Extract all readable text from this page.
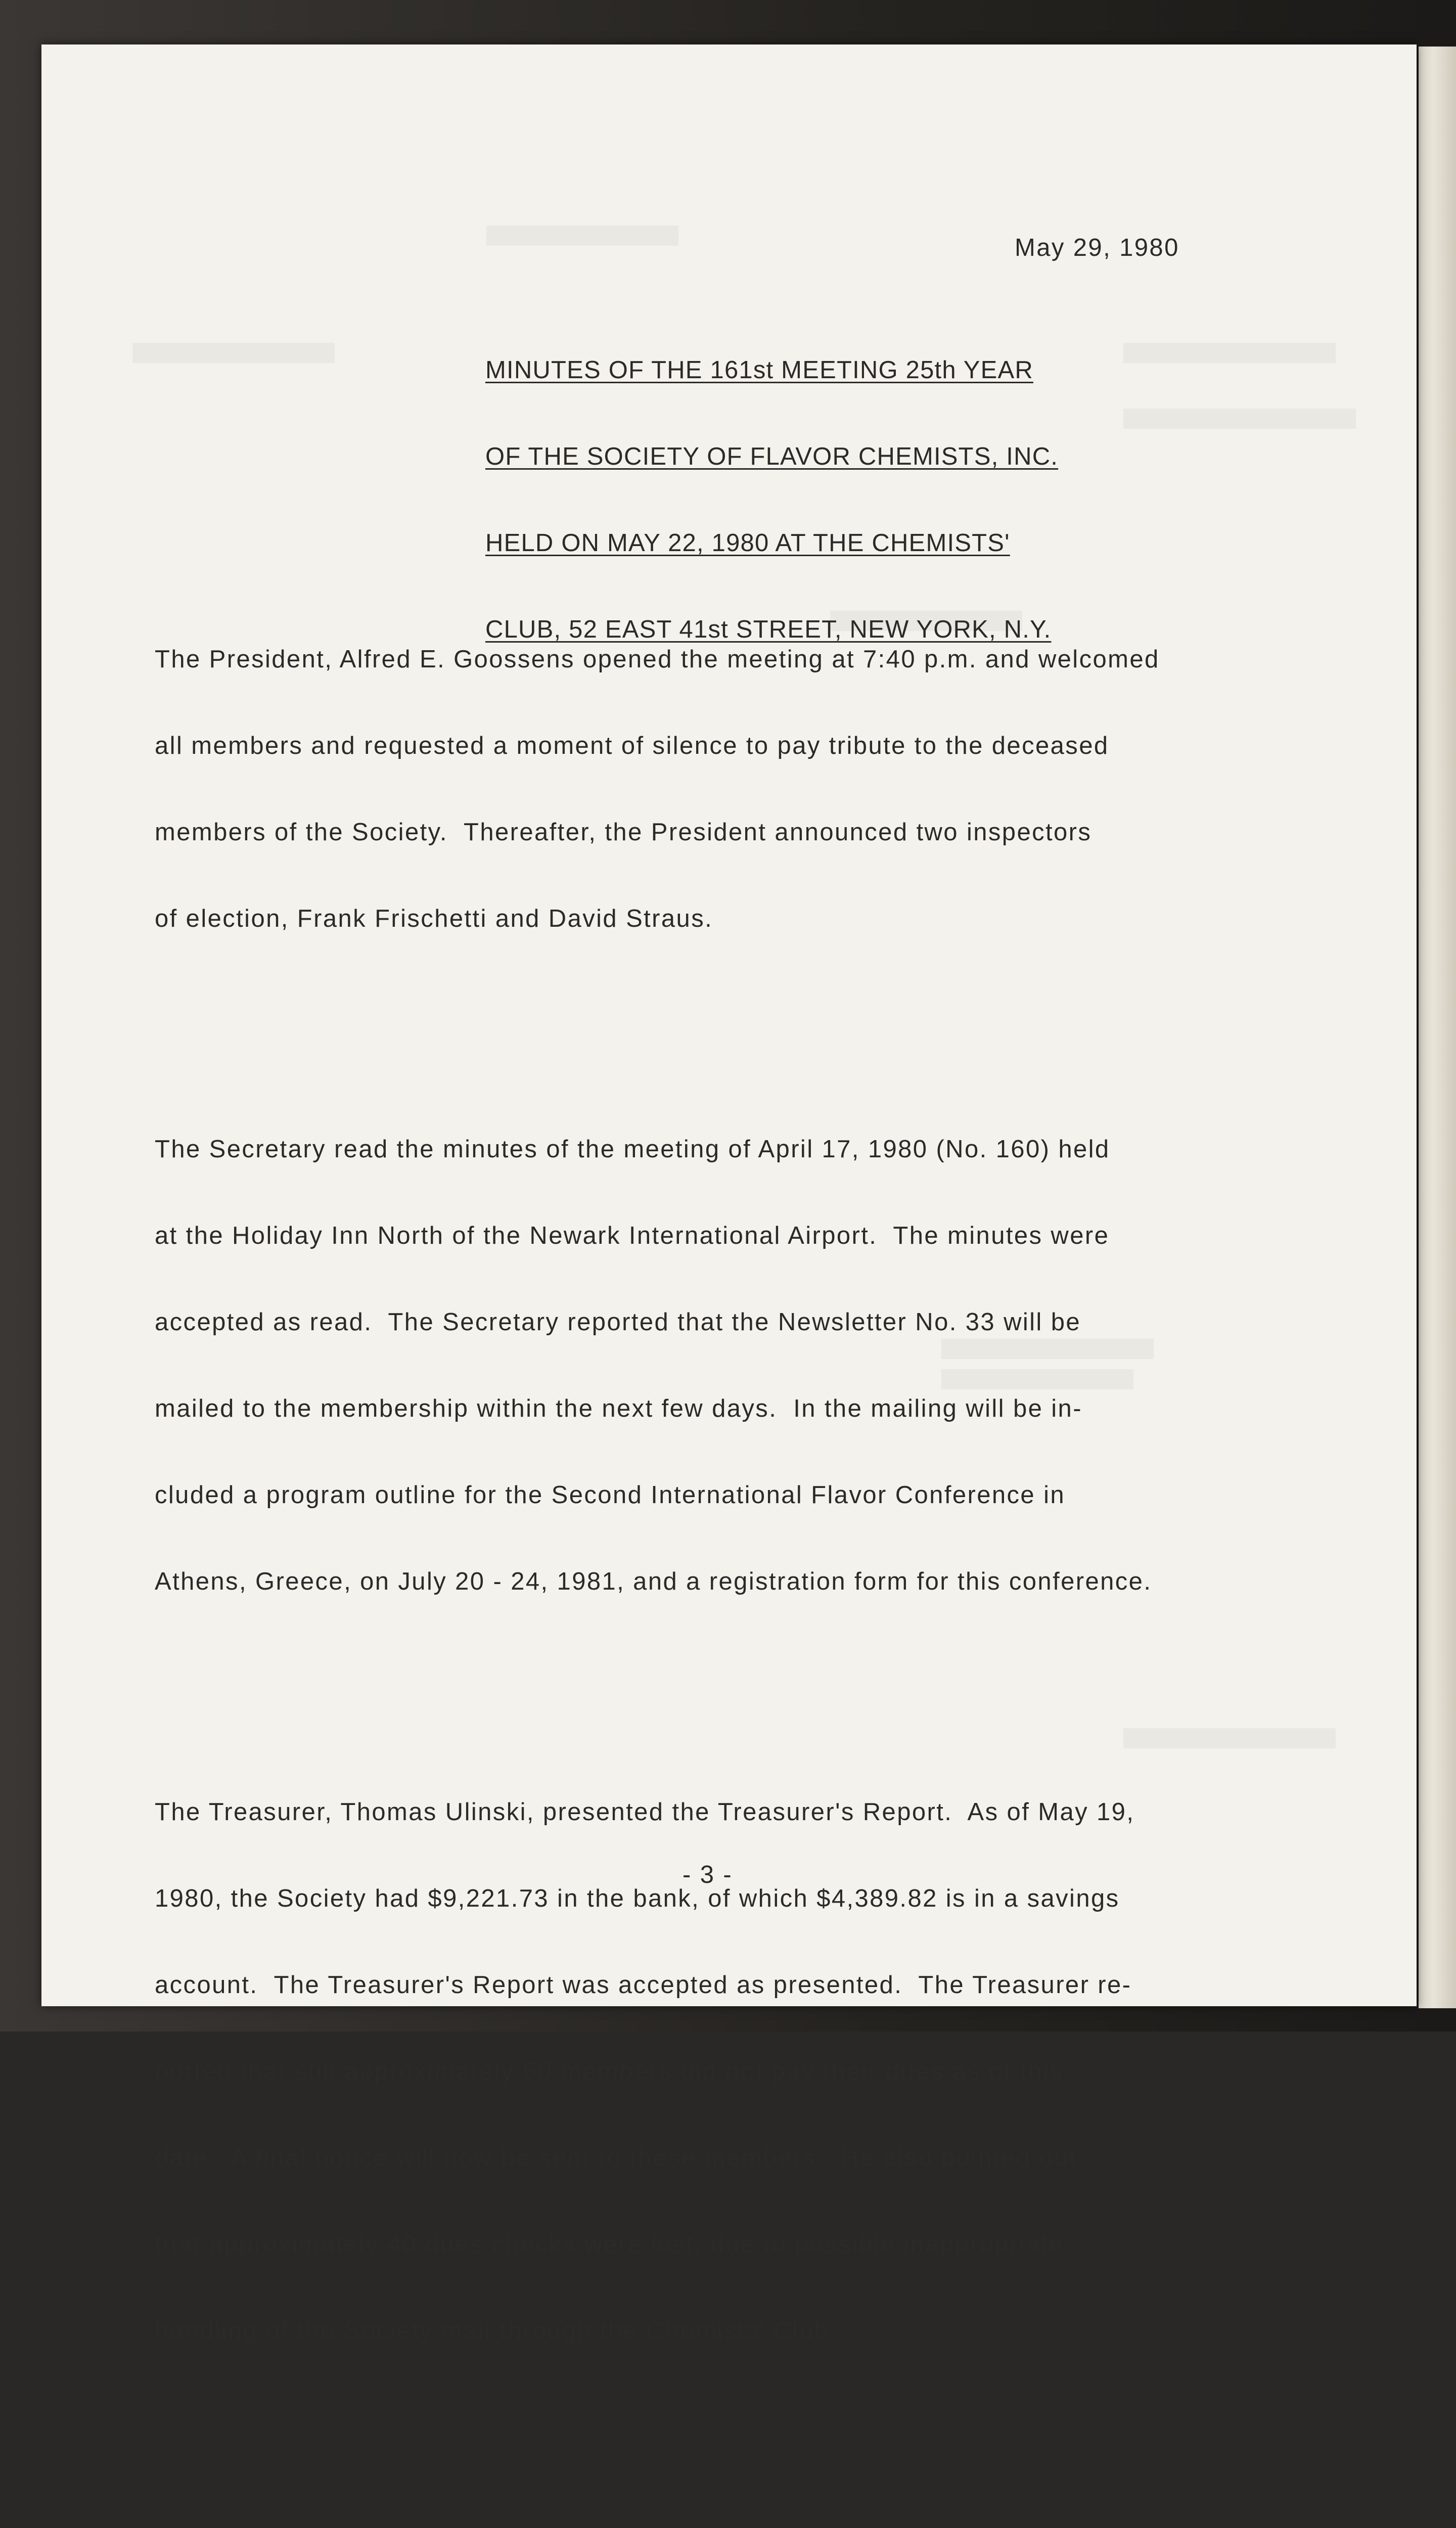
May 29, 1980

MINUTES OF THE 161st MEETING 25th YEAR

OF THE SOCIETY OF FLAVOR CHEMISTS, INC.

HELD ON MAY 22, 1980 AT THE CHEMISTS'

CLUB, 52 EAST 41st STREET, NEW YORK, N.Y.

The President, Alfred E. Goossens opened the meeting at 7:40 p.m. and welcomed

all members and requested a moment of silence to pay tribute to the deceased

members of the Society.  Thereafter, the President announced two inspectors

of election, Frank Frischetti and David Straus.

The Secretary read the minutes of the meeting of April 17, 1980 (No. 160) held

at the Holiday Inn North of the Newark International Airport.  The minutes were

accepted as read.  The Secretary reported that the Newsletter No. 33 will be

mailed to the membership within the next few days.  In the mailing will be in-

cluded a program outline for the Second International Flavor Conference in

Athens, Greece, on July 20 - 24, 1981, and a registration form for this conference.

The Treasurer, Thomas Ulinski, presented the Treasurer's Report.  As of May 19,

1980, the Society had $9,221.73 in the bank, of which $4,389.82 is in a savings

account.  The Treasurer's Report was accepted as presented.  The Treasurer re-

ported that still approximately 50 members did not pay their dues as of this

date.  A final notice will now be sent to these members.  He also pointed out

that approximately 40 dues checks were lost, due to possible inappropriate

handling of the Society mail through the Chemists' Club.

- 3 -
